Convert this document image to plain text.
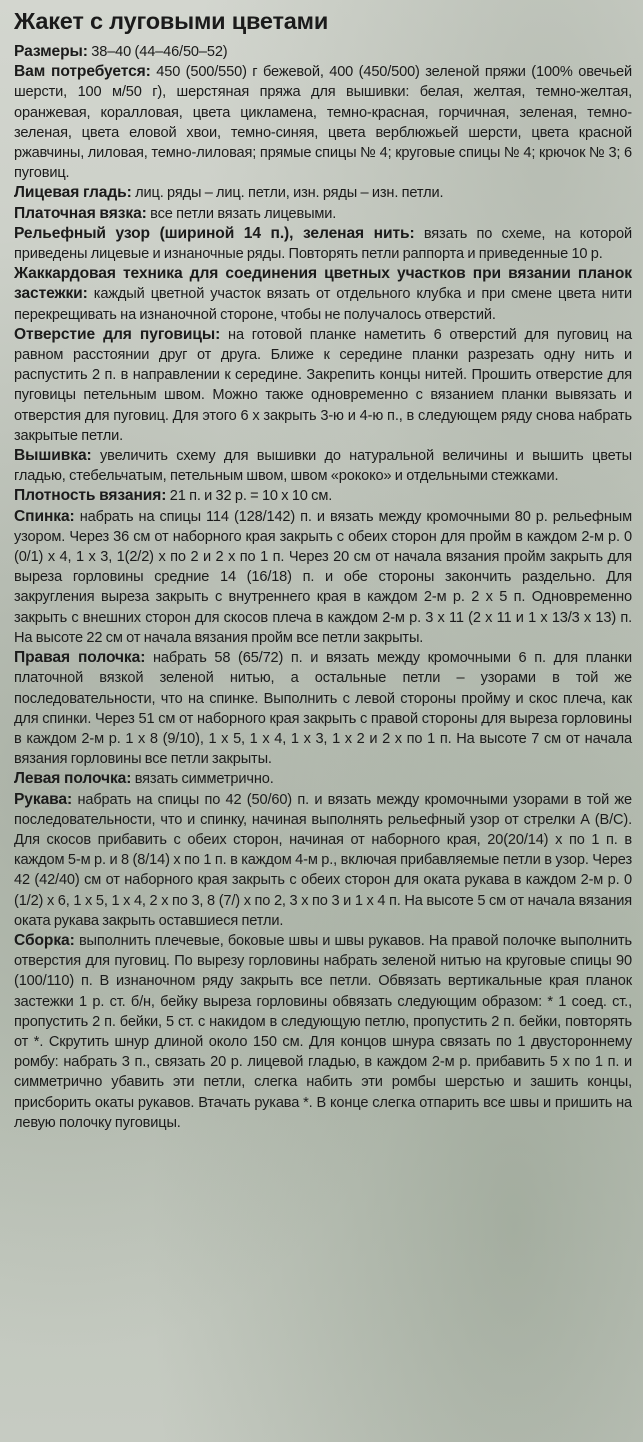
Жакет с луговыми цветами

Размеры: 38–40 (44–46/50–52)

Вам потребуется: 450 (500/550) г бежевой, 400 (450/500) зеленой пряжи (100% овечьей шерсти, 100 м/50 г), шерстяная пряжа для вышивки: белая, желтая, темно-желтая, оранжевая, коралловая, цвета цикламена, темно-красная, горчичная, зеленая, темно-зеленая, цвета еловой хвои, темно-синяя, цвета верблюжьей шерсти, цвета красной ржавчины, лиловая, темно-лиловая; прямые спицы № 4; круговые спицы № 4; крючок № 3; 6 пуговиц.

Лицевая гладь: лиц. ряды – лиц. петли, изн. ряды – изн. петли.

Платочная вязка: все петли вязать лицевыми.

Рельефный узор (шириной 14 п.), зеленая нить: вязать по схеме, на которой приведены лицевые и изнаночные ряды. Повторять петли раппорта и приведенные 10 р.

Жаккардовая техника для соединения цветных участков при вязании планок застежки: каждый цветной участок вязать от отдельного клубка и при смене цвета нити перекрещивать на изнаночной стороне, чтобы не получалось отверстий.

Отверстие для пуговицы: на готовой планке наметить 6 отверстий для пуговиц на равном расстоянии друг от друга. Ближе к середине планки разрезать одну нить и распустить 2 п. в направлении к середине. Закрепить концы нитей. Прошить отверстие для пуговицы петельным швом. Можно также одновременно с вязанием планки вывязать и отверстия для пуговиц. Для этого 6 х закрыть 3-ю и 4-ю п., в следующем ряду снова набрать закрытые петли.

Вышивка: увеличить схему для вышивки до натуральной величины и вышить цветы гладью, стебельчатым, петельным швом, швом «рококо» и отдельными стежками.

Плотность вязания: 21 п. и 32 р. = 10 х 10 см.

Спинка: набрать на спицы 114 (128/142) п. и вязать между кромочными 80 р. рельефным узором. Через 36 см от наборного края закрыть с обеих сторон для пройм в каждом 2-м р. 0 (0/1) х 4, 1 х 3, 1(2/2) х по 2 и 2 х по 1 п. Через 20 см от начала вязания пройм закрыть для выреза горловины средние 14 (16/18) п. и обе стороны закончить раздельно. Для закругления выреза закрыть с внутреннего края в каждом 2-м р. 2 х 5 п. Одновременно закрыть с внешних сторон для скосов плеча в каждом 2-м р. 3 х 11 (2 х 11 и 1 х 13/3 х 13) п. На высоте 22 см от начала вязания пройм все петли закрыты.

Правая полочка: набрать 58 (65/72) п. и вязать между кромочными 6 п. для планки платочной вязкой зеленой нитью, а остальные петли – узорами в той же последовательности, что на спинке. Выполнить с левой стороны пройму и скос плеча, как для спинки. Через 51 см от наборного края закрыть с правой стороны для выреза горловины в каждом 2-м р. 1 х 8 (9/10), 1 х 5, 1 х 4, 1 х 3, 1 х 2 и 2 х по 1 п. На высоте 7 см от начала вязания горловины все петли закрыты.

Левая полочка: вязать симметрично.

Рукава: набрать на спицы по 42 (50/60) п. и вязать между кромочными узорами в той же последовательности, что и спинку, начиная выполнять рельефный узор от стрелки А (В/С). Для скосов прибавить с обеих сторон, начиная от наборного края, 20(20/14) х по 1 п. в каждом 5-м р. и 8 (8/14) х по 1 п. в каждом 4-м р., включая прибавляемые петли в узор. Через 42 (42/40) см от наборного края закрыть с обеих сторон для оката рукава в каждом 2-м р. 0 (1/2) х 6, 1 х 5, 1 х 4, 2 х по 3, 8 (7/) х по 2, 3 х по 3 и 1 х 4 п. На высоте 5 см от начала вязания оката рукава закрыть оставшиеся петли.

Сборка: выполнить плечевые, боковые швы и швы рукавов. На правой полочке выполнить отверстия для пуговиц. По вырезу горловины набрать зеленой нитью на круговые спицы 90 (100/110) п. В изнаночном ряду закрыть все петли. Обвязать вертикальные края планок застежки 1 р. ст. б/н, бейку выреза горловины обвязать следующим образом: * 1 соед. ст., пропустить 2 п. бейки, 5 ст. с накидом в следующую петлю, пропустить 2 п. бейки, повторять от *. Скрутить шнур длиной около 150 см. Для концов шнура связать по 1 двустороннему ромбу: набрать 3 п., связать 20 р. лицевой гладью, в каждом 2-м р. прибавить 5 х по 1 п. и симметрично убавить эти петли, слегка набить эти ромбы шерстью и зашить концы, присборить окаты рукавов. Втачать рукава *. В конце слегка отпарить все швы и пришить на левую полочку пуговицы.
